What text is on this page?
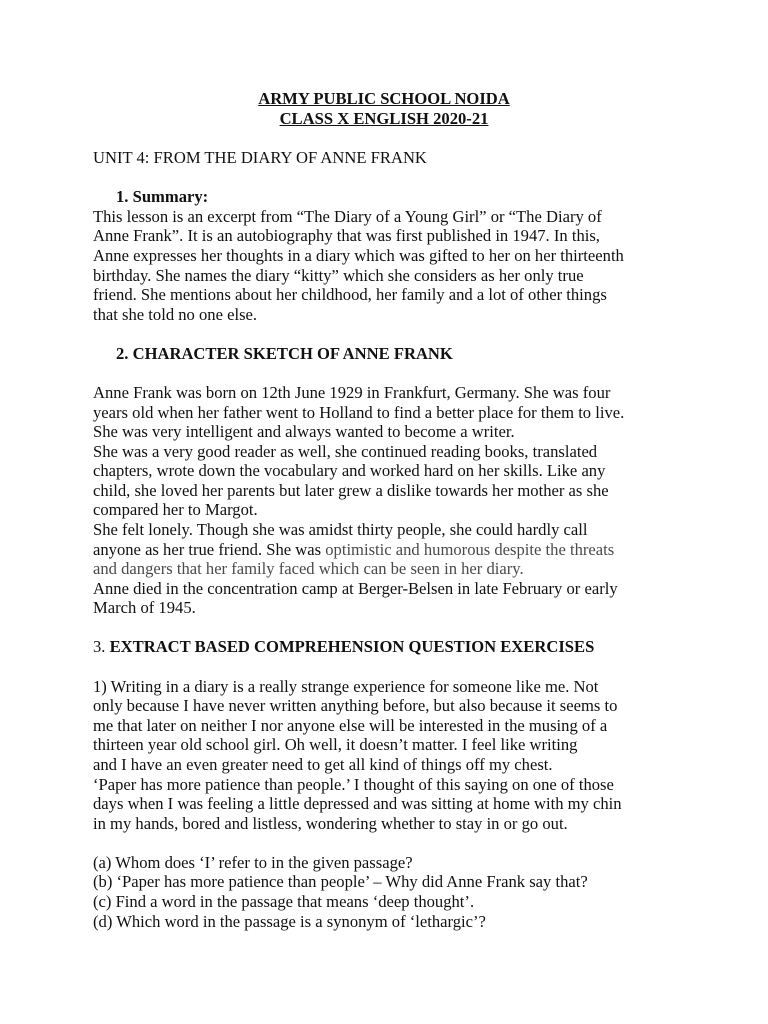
ARMY PUBLIC SCHOOL NOIDA
CLASS X ENGLISH 2020-21
UNIT 4: FROM THE DIARY OF ANNE FRANK
1. Summary:
This lesson is an excerpt from “The Diary of a Young Girl” or “The Diary of
Anne Frank”. It is an autobiography that was first published in 1947. In this,
Anne expresses her thoughts in a diary which was gifted to her on her thirteenth
birthday. She names the diary “kitty” which she considers as her only true
friend. She mentions about her childhood, her family and a lot of other things
that she told no one else.
2. CHARACTER SKETCH OF ANNE FRANK
Anne Frank was born on 12th June 1929 in Frankfurt, Germany. She was four
years old when her father went to Holland to find a better place for them to live.
She was very intelligent and always wanted to become a writer.
She was a very good reader as well, she continued reading books, translated
chapters, wrote down the vocabulary and worked hard on her skills. Like any
child, she loved her parents but later grew a dislike towards her mother as she
compared her to Margot.
She felt lonely. Though she was amidst thirty people, she could hardly call
anyone as her true friend. She was optimistic and humorous despite the threats
and dangers that her family faced which can be seen in her diary.
Anne died in the concentration camp at Berger-Belsen in late February or early
March of 1945.
3. EXTRACT BASED COMPREHENSION QUESTION EXERCISES
1) Writing in a diary is a really strange experience for someone like me. Not
only because I have never written anything before, but also because it seems to
me that later on neither I nor anyone else will be interested in the musing of a
thirteen year old school girl. Oh well, it doesn’t matter. I feel like writing
and I have an even greater need to get all kind of things off my chest.
‘Paper has more patience than people.’ I thought of this saying on one of those
days when I was feeling a little depressed and was sitting at home with my chin
in my hands, bored and listless, wondering whether to stay in or go out.
(a) Whom does ‘I’ refer to in the given passage?
(b) ‘Paper has more patience than people’ – Why did Anne Frank say that?
(c) Find a word in the passage that means ‘deep thought’.
(d) Which word in the passage is a synonym of ‘lethargic’?
